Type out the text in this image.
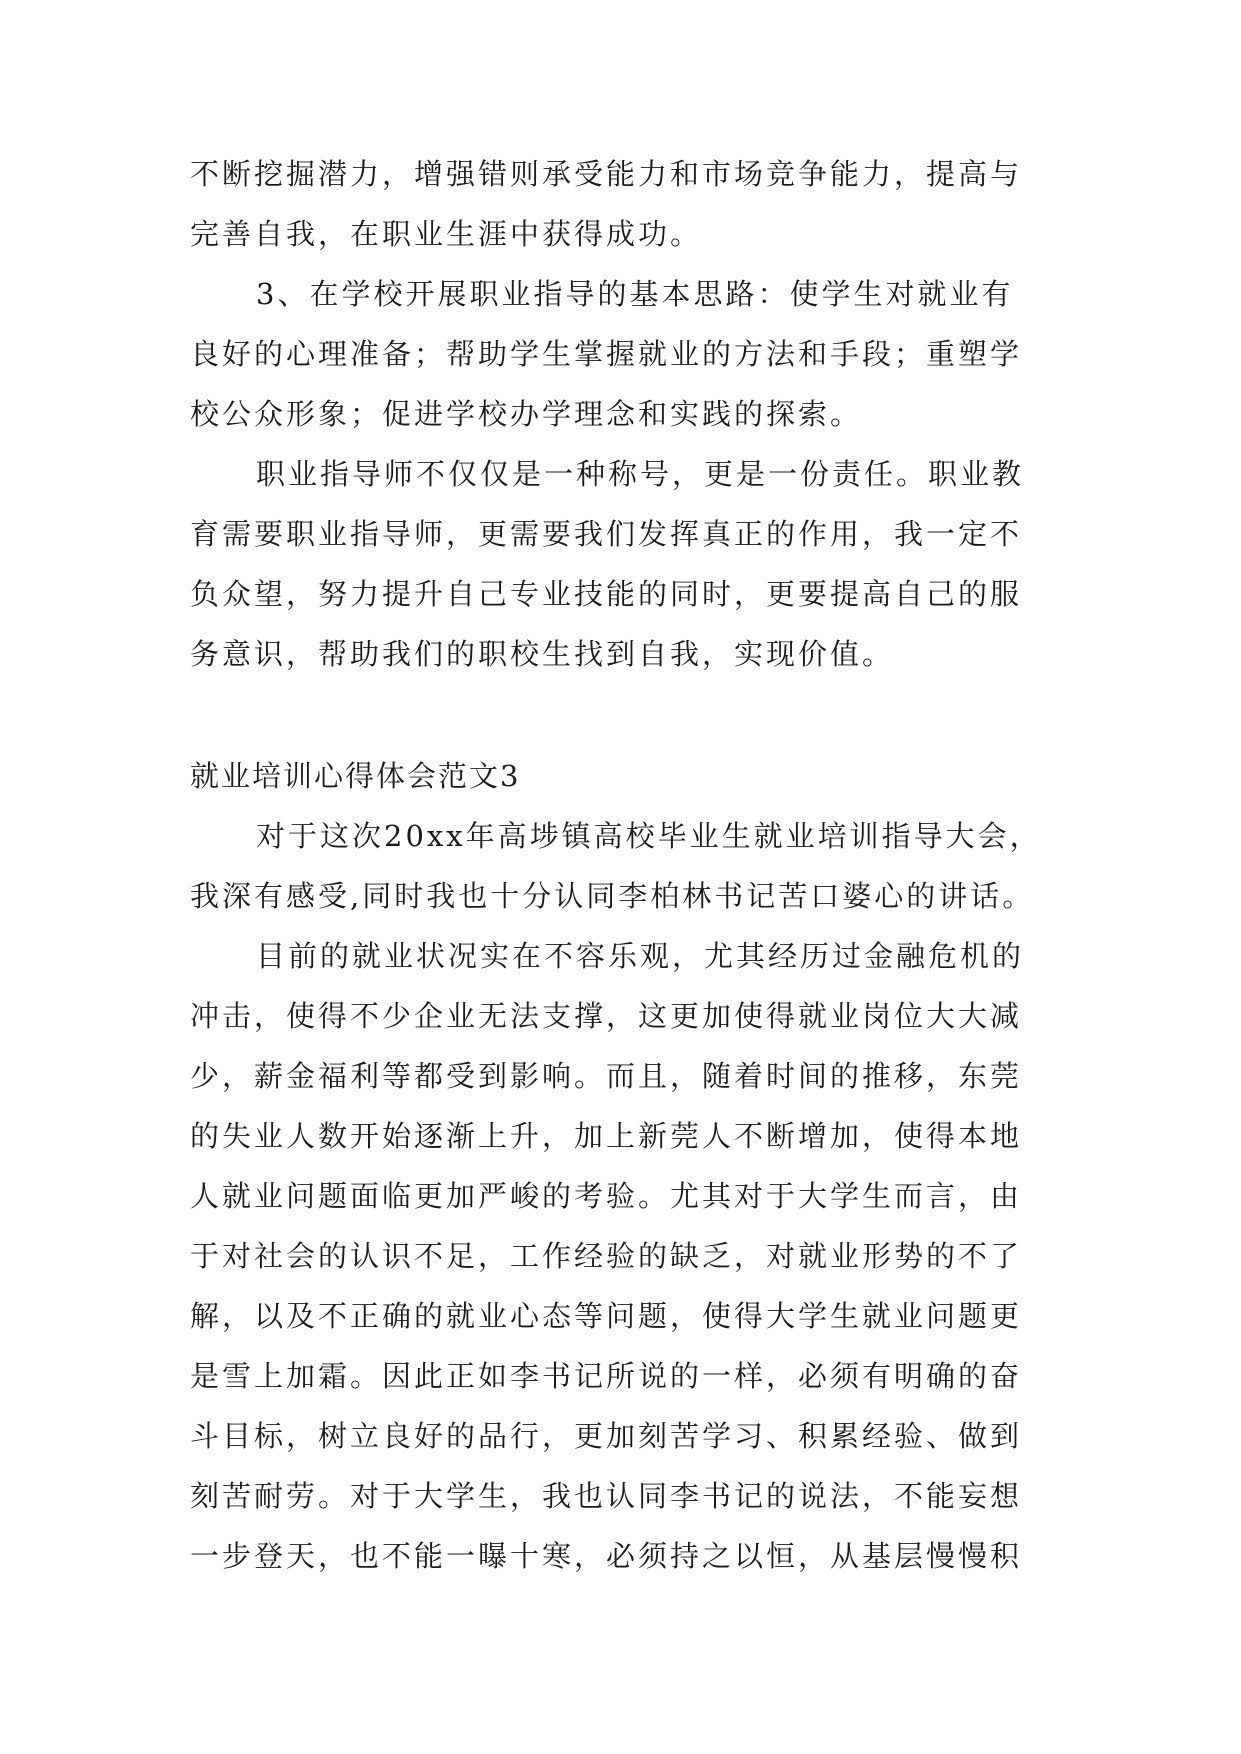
不断挖掘潜力，增强错则承受能力和市场竞争能力，提高与
完善自我，在职业生涯中获得成功。
3、在学校开展职业指导的基本思路：使学生对就业有
良好的心理准备；帮助学生掌握就业的方法和手段；重塑学
校公众形象；促进学校办学理念和实践的探索。
职业指导师不仅仅是一种称号，更是一份责任。职业教
育需要职业指导师，更需要我们发挥真正的作用，我一定不
负众望，努力提升自己专业技能的同时，更要提高自己的服
务意识，帮助我们的职校生找到自我，实现价值。
就业培训心得体会范文3
对于这次20xx年高埗镇高校毕业生就业培训指导大会，
我深有感受,同时我也十分认同李柏林书记苦口婆心的讲话。
目前的就业状况实在不容乐观，尤其经历过金融危机的
冲击，使得不少企业无法支撑，这更加使得就业岗位大大减
少，薪金福利等都受到影响。而且，随着时间的推移，东莞
的失业人数开始逐渐上升，加上新莞人不断增加，使得本地
人就业问题面临更加严峻的考验。尤其对于大学生而言，由
于对社会的认识不足，工作经验的缺乏，对就业形势的不了
解，以及不正确的就业心态等问题，使得大学生就业问题更
是雪上加霜。因此正如李书记所说的一样，必须有明确的奋
斗目标，树立良好的品行，更加刻苦学习、积累经验、做到
刻苦耐劳。对于大学生，我也认同李书记的说法，不能妄想
一步登天，也不能一曝十寒，必须持之以恒，从基层慢慢积
